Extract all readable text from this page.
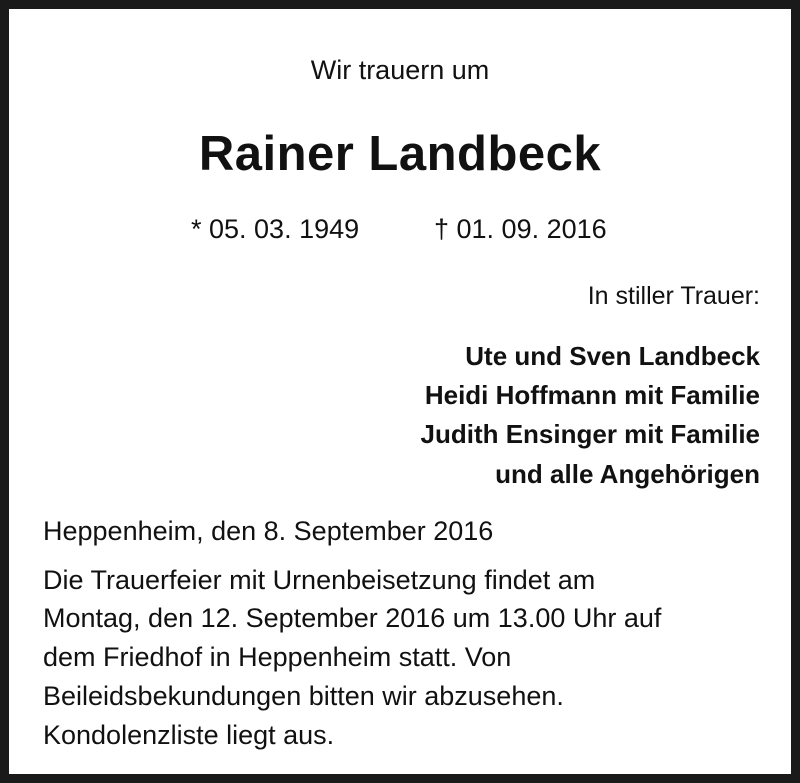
Wir trauern um
Rainer Landbeck
* 05. 03. 1949	† 01. 09. 2016
In stiller Trauer:
Ute und Sven Landbeck
Heidi Hoffmann mit Familie
Judith Ensinger mit Familie
und alle Angehörigen
Heppenheim, den 8. September 2016
Die Trauerfeier mit Urnenbeisetzung findet am
Montag, den 12. September 2016 um 13.00 Uhr auf
dem Friedhof in Heppenheim statt. Von
Beileidsbekundungen bitten wir abzusehen.
Kondolenzliste liegt aus.
